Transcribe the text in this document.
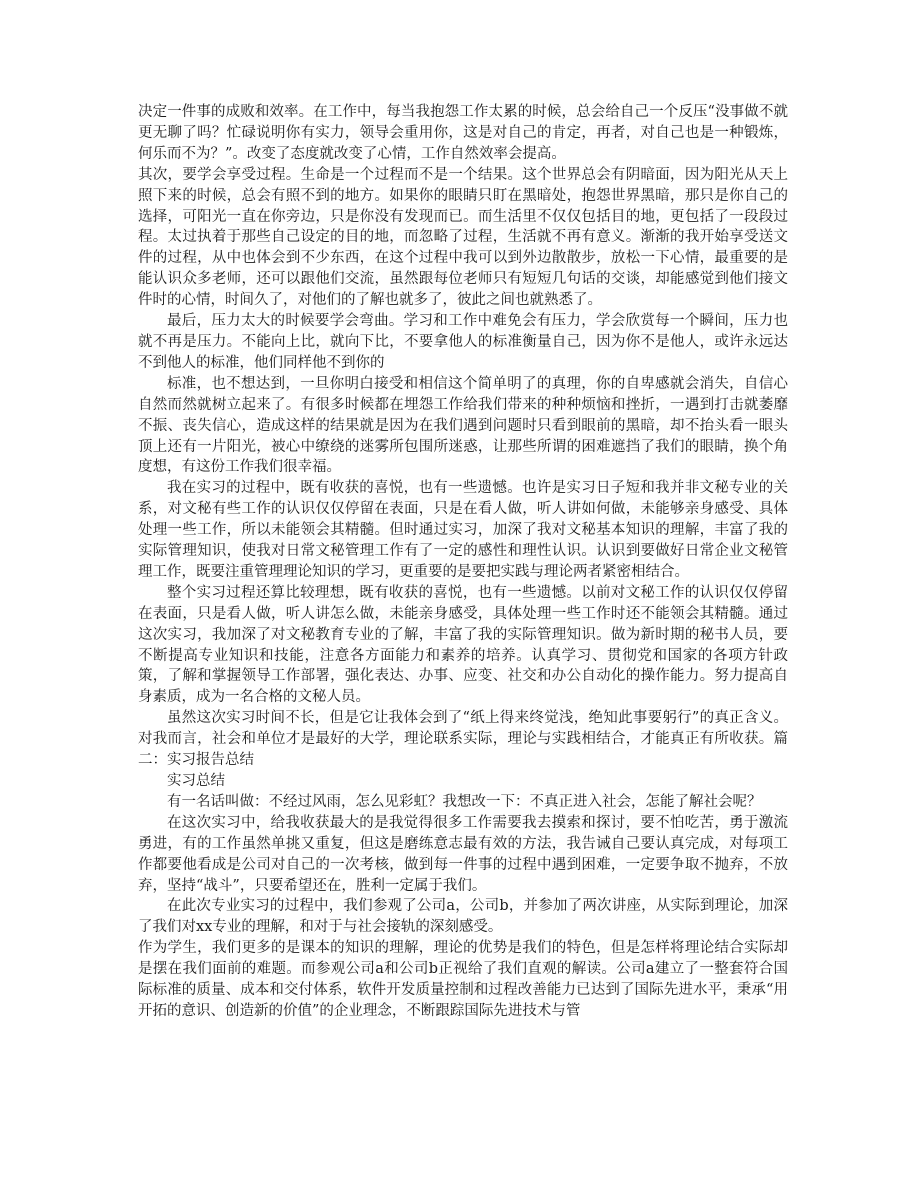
决定一件事的成败和效率。在工作中，每当我抱怨工作太累的时候，总会给自己一个反压“没事做不就更无聊了吗？忙碌说明你有实力，领导会重用你，这是对自己的肯定，再者，对自己也是一种锻炼，何乐而不为？”。改变了态度就改变了心情，工作自然效率会提高。

其次，要学会享受过程。生命是一个过程而不是一个结果。这个世界总会有阴暗面，因为阳光从天上照下来的时候，总会有照不到的地方。如果你的眼睛只盯在黑暗处，抱怨世界黑暗，那只是你自己的选择，可阳光一直在你旁边，只是你没有发现而已。而生活里不仅仅包括目的地，更包括了一段段过程。太过执着于那些自己设定的目的地，而忽略了过程，生活就不再有意义。渐渐的我开始享受送文件的过程，从中也体会到不少东西，在这个过程中我可以到外边散散步，放松一下心情，最重要的是能认识众多老师，还可以跟他们交流，虽然跟每位老师只有短短几句话的交谈，却能感觉到他们接文件时的心情，时间久了，对他们的了解也就多了，彼此之间也就熟悉了。

最后，压力太大的时候要学会弯曲。学习和工作中难免会有压力，学会欣赏每一个瞬间，压力也就不再是压力。不能向上比，就向下比，不要拿他人的标准衡量自己，因为你不是他人，或许永远达不到他人的标准，他们同样他不到你的

标准，也不想达到，一旦你明白接受和相信这个简单明了的真理，你的自卑感就会消失，自信心自然而然就树立起来了。有很多时候都在埋怨工作给我们带来的种种烦恼和挫折，一遇到打击就萎靡不振、丧失信心，造成这样的结果就是因为在我们遇到问题时只看到眼前的黑暗，却不抬头看一眼头顶上还有一片阳光，被心中缭绕的迷雾所包围所迷惑，让那些所谓的困难遮挡了我们的眼睛，换个角度想，有这份工作我们很幸福。

我在实习的过程中，既有收获的喜悦，也有一些遗憾。也许是实习日子短和我并非文秘专业的关系，对文秘有些工作的认识仅仅停留在表面，只是在看人做，听人讲如何做，未能够亲身感受、具体处理一些工作，所以未能领会其精髓。但时通过实习，加深了我对文秘基本知识的理解，丰富了我的实际管理知识，使我对日常文秘管理工作有了一定的感性和理性认识。认识到要做好日常企业文秘管理工作，既要注重管理理论知识的学习，更重要的是要把实践与理论两者紧密相结合。

整个实习过程还算比较理想，既有收获的喜悦，也有一些遗憾。以前对文秘工作的认识仅仅停留在表面，只是看人做，听人讲怎么做，未能亲身感受，具体处理一些工作时还不能领会其精髓。通过这次实习，我加深了对文秘教育专业的了解，丰富了我的实际管理知识。做为新时期的秘书人员，要不断提高专业知识和技能，注意各方面能力和素养的培养。认真学习、贯彻党和国家的各项方针政策，了解和掌握领导工作部署，强化表达、办事、应变、社交和办公自动化的操作能力。努力提高自身素质，成为一名合格的文秘人员。

虽然这次实习时间不长，但是它让我体会到了“纸上得来终觉浅，绝知此事要躬行”的真正含义。对我而言，社会和单位才是最好的大学，理论联系实际，理论与实践相结合，才能真正有所收获。篇二：实习报告总结

实习总结

有一名话叫做：不经过风雨，怎么见彩虹？我想改一下：不真正进入社会，怎能了解社会呢？

在这次实习中，给我收获最大的是我觉得很多工作需要我去摸索和探讨，要不怕吃苦，勇于激流勇进，有的工作虽然单挑又重复，但这是磨练意志最有效的方法，我告诫自己要认真完成，对每项工作都要他看成是公司对自己的一次考核，做到每一件事的过程中遇到困难，一定要争取不抛弃，不放弃，坚持“战斗”，只要希望还在，胜利一定属于我们。

在此次专业实习的过程中，我们参观了公司a，公司b，并参加了两次讲座，从实际到理论，加深了我们对xx专业的理解，和对于与社会接轨的深刻感受。

作为学生，我们更多的是课本的知识的理解，理论的优势是我们的特色，但是怎样将理论结合实际却是摆在我们面前的难题。而参观公司a和公司b正视给了我们直观的解读。公司a建立了一整套符合国际标准的质量、成本和交付体系，软件开发质量控制和过程改善能力已达到了国际先进水平，秉承“用开拓的意识、创造新的价值”的企业理念，不断跟踪国际先进技术与管
